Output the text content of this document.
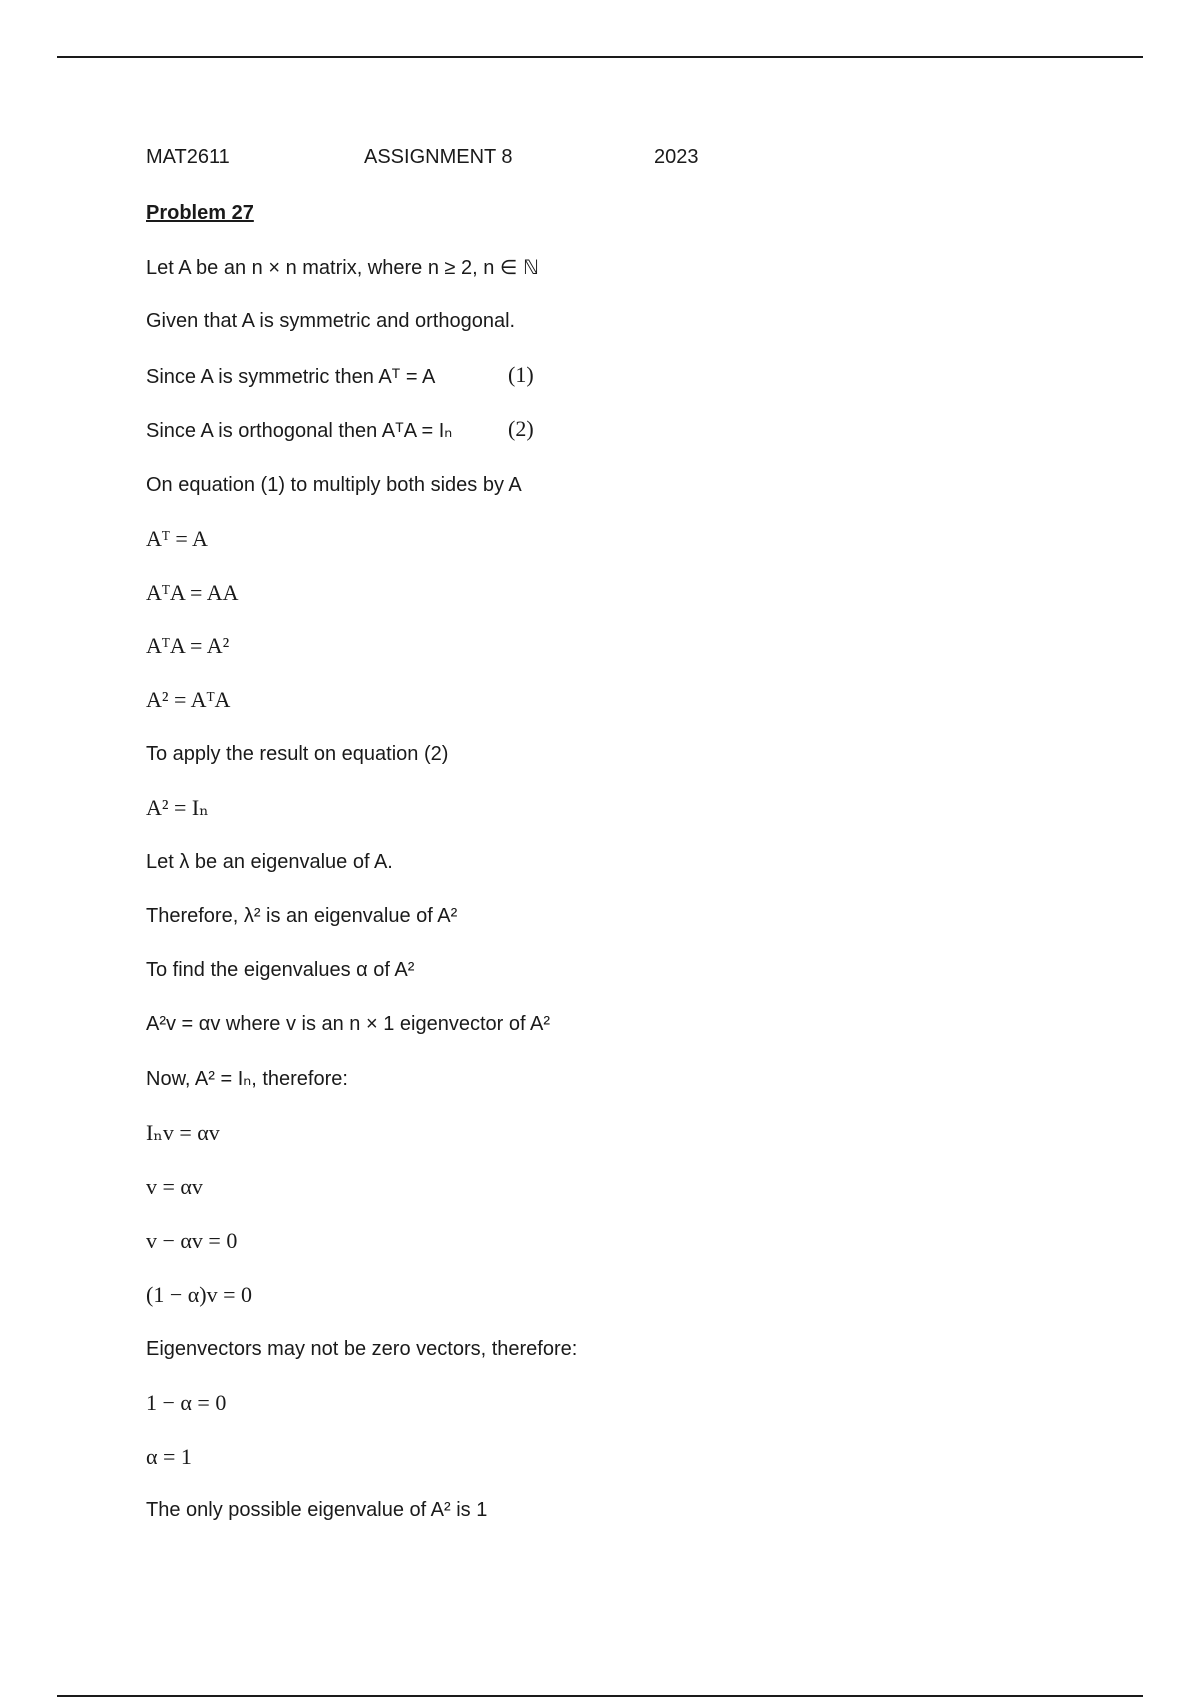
MAT2611	ASSIGNMENT 8	2023
Problem 27
Let A be an n × n matrix, where n ≥ 2, n ∈ ℕ
Given that A is symmetric and orthogonal.
Since A is symmetric then Aᵀ = A	(1)
Since A is orthogonal then AᵀA = Iₙ	(2)
On equation (1) to multiply both sides by A
Aᵀ = A
AᵀA = AA
AᵀA = A²
A² = AᵀA
To apply the result on equation (2)
A² = Iₙ
Let λ be an eigenvalue of A.
Therefore, λ² is an eigenvalue of A²
To find the eigenvalues α of A²
A²v = αv where v is an n × 1 eigenvector of A²
Now, A² = Iₙ, therefore:
Iₙv = αv
v = αv
v − αv = 0
(1 − α)v = 0
Eigenvectors may not be zero vectors, therefore:
1 − α = 0
α = 1
The only possible eigenvalue of A² is 1
